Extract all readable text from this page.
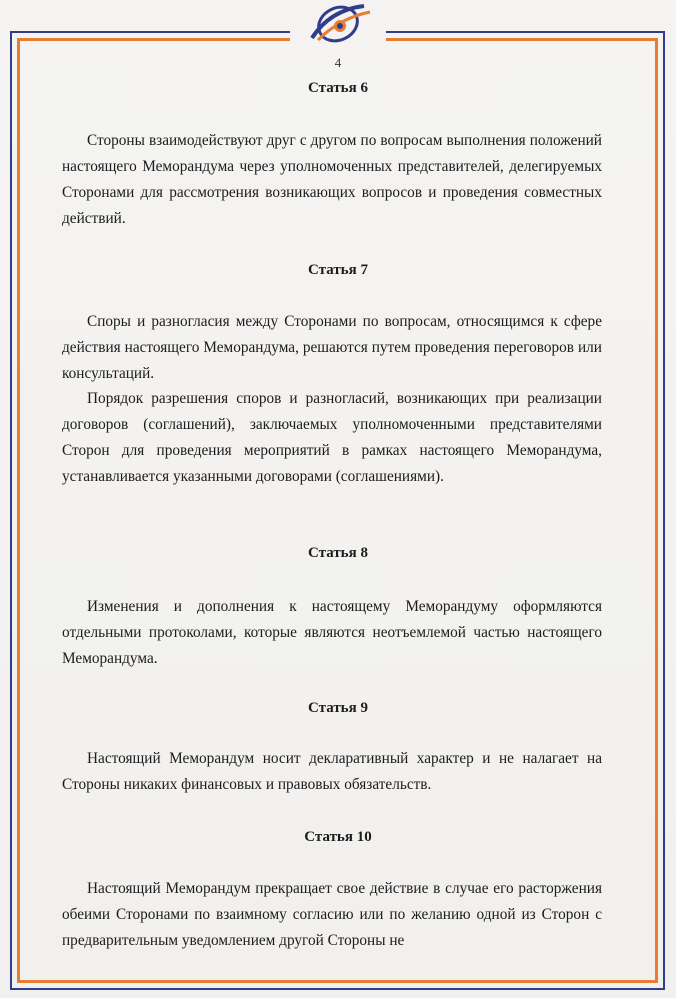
4
Статья 6
Стороны взаимодействуют друг с другом по вопросам выполнения положений настоящего Меморандума через уполномоченных представителей, делегируемых Сторонами для рассмотрения возникающих вопросов и проведения совместных действий.
Статья 7
Споры и разногласия между Сторонами по вопросам, относящимся к сфере действия настоящего Меморандума, решаются путем проведения переговоров или консультаций.
Порядок разрешения споров и разногласий, возникающих при реализации договоров (соглашений), заключаемых уполномоченными представителями Сторон для проведения мероприятий в рамках настоящего Меморандума, устанавливается указанными договорами (соглашениями).
Статья 8
Изменения и дополнения к настоящему Меморандуму оформляются отдельными протоколами, которые являются неотъемлемой частью настоящего Меморандума.
Статья 9
Настоящий Меморандум носит декларативный характер и не налагает на Стороны никаких финансовых и правовых обязательств.
Статья 10
Настоящий Меморандум прекращает свое действие в случае его расторжения обеими Сторонами по взаимному согласию или по желанию одной из Сторон с предварительным уведомлением другой Стороны не
